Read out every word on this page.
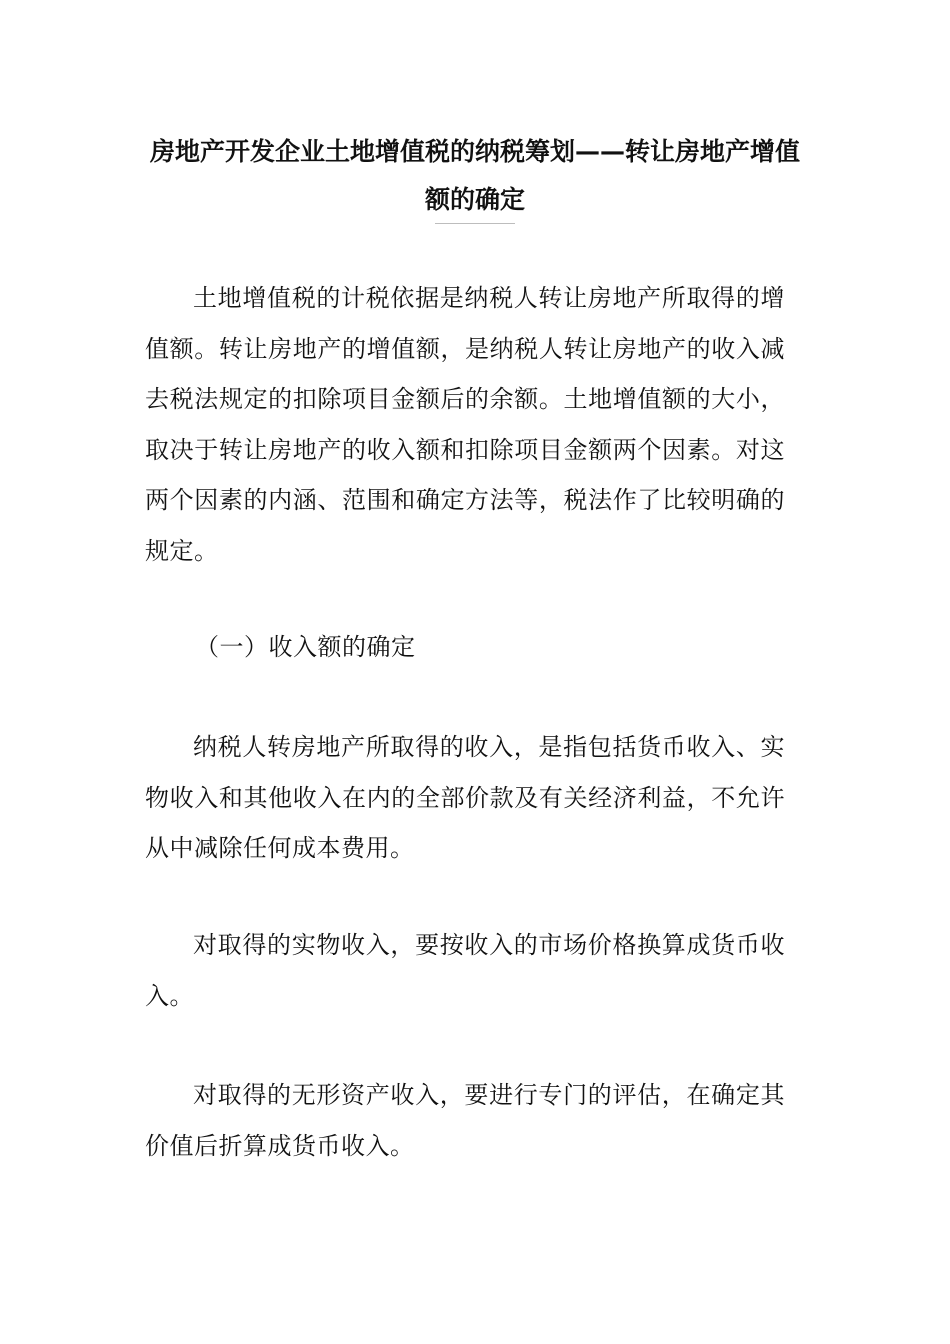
房地产开发企业土地增值税的纳税筹划——转让房地产增值额的确定

土地增值税的计税依据是纳税人转让房地产所取得的增值额。转让房地产的增值额，是纳税人转让房地产的收入减去税法规定的扣除项目金额后的余额。土地增值额的大小，取决于转让房地产的收入额和扣除项目金额两个因素。对这两个因素的内涵、范围和确定方法等，税法作了比较明确的规定。

（一）收入额的确定

纳税人转房地产所取得的收入，是指包括货币收入、实物收入和其他收入在内的全部价款及有关经济利益，不允许从中减除任何成本费用。

对取得的实物收入，要按收入的市场价格换算成货币收入。

对取得的无形资产收入，要进行专门的评估，在确定其价值后折算成货币收入。
